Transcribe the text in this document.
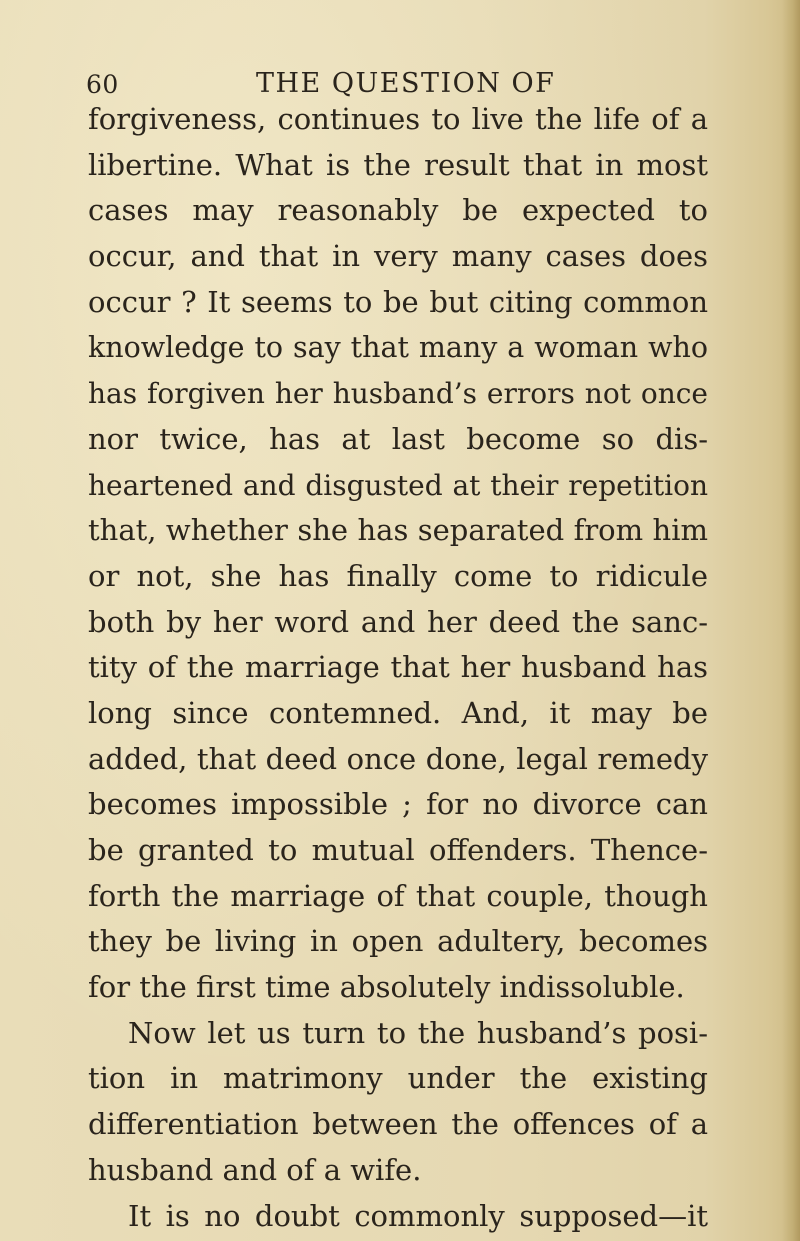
60	THE QUESTION OF
forgiveness, continues to live the life of a
libertine. What is the result that in most
cases may reasonably be expected to
occur, and that in very many cases does
occur ? It seems to be but citing common
knowledge to say that many a woman who
has forgiven her husband’s errors not once
nor twice, has at last become so dis-
heartened and disgusted at their repetition
that, whether she has separated from him
or not, she has finally come to ridicule
both by her word and her deed the sanc-
tity of the marriage that her husband has
long since contemned. And, it may be
added, that deed once done, legal remedy
becomes impossible ; for no divorce can
be granted to mutual offenders. Thence-
forth the marriage of that couple, though
they be living in open adultery, becomes
for the first time absolutely indissoluble.
Now let us turn to the husband’s posi-
tion in matrimony under the existing
differentiation between the offences of a
husband and of a wife.
It is no doubt commonly supposed—it
